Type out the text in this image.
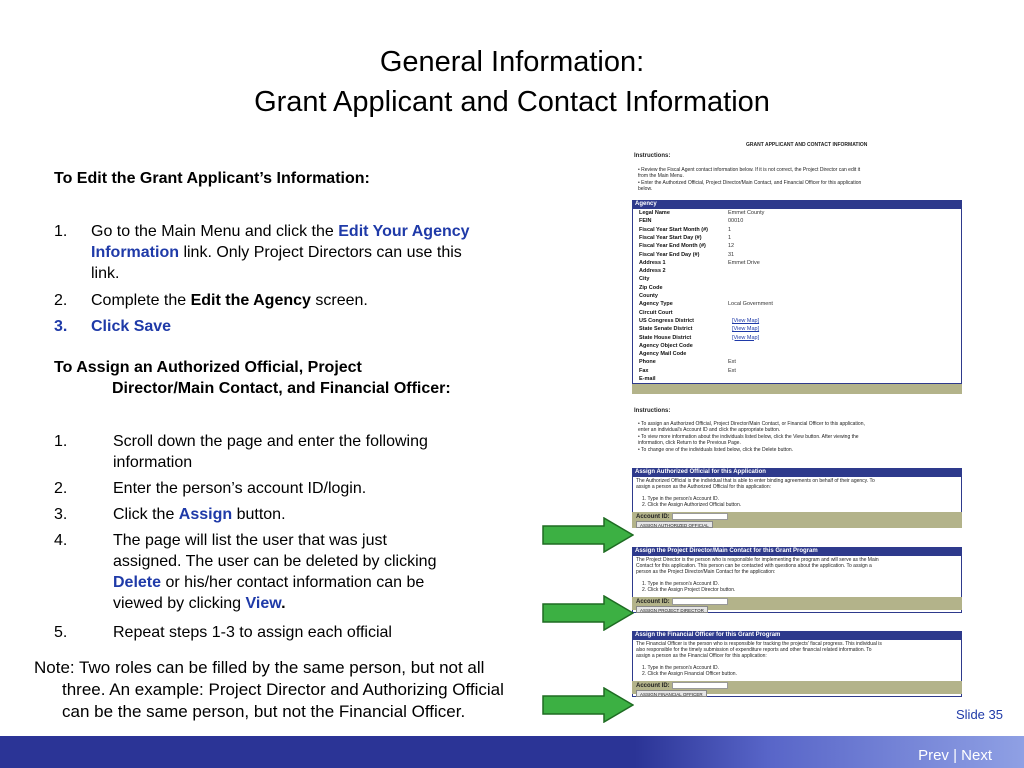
General Information:
Grant Applicant and Contact Information
To Edit the Grant Applicant’s Information:
1. Go to the Main Menu and click the Edit Your Agency
Information link. Only Project Directors can use this
link.
2. Complete the Edit the Agency screen.
3. Click Save
To Assign an Authorized Official, Project
Director/Main Contact, and Financial Officer:
1.	Scroll down the page and enter the following
information
2.	Enter the person’s account ID/login.
3.	Click the Assign button.
4.	The page will list the user that was just
assigned. The user can be deleted by clicking
Delete or his/her contact information can be
viewed by clicking View.
5.	Repeat steps 1-3 to assign each official
Note: Two roles can be filled by the same person, but not all
three. An example: Project Director and Authorizing Official
can be the same person, but not the Financial Officer.
GRANT APPLICANT AND CONTACT INFORMATION
Instructions:
• Review the Fiscal Agent contact information below. If it is not correct, the Project Director can edit it
from the Main Menu.
• Enter the Authorized Official, Project Director/Main Contact, and Financial Officer for this application
below.
Agency
Legal Name	Emmet County
FEIN	00010
Fiscal Year Start Month (#)	1
Fiscal Year Start Day (#)	1
Fiscal Year End Month (#)	12
Fiscal Year End Day (#)	31
Address 1	Emmet Drive
Address 2
City
Zip Code
County
Agency Type	Local Government
Circuit Court
US Congress District	[View Map]
State Senate District	[View Map]
State House District	[View Map]
Agency Object Code
Agency Mail Code
Phone	Ext
Fax	Ext
E-mail
Instructions:
• To assign an Authorized Official, Project Director/Main Contact, or Financial Officer to this application,
enter an individual's Account ID and click the appropriate button.
• To view more information about the individuals listed below, click the View button. After viewing the
information, click Return to the Previous Page.
• To change one of the individuals listed below, click the Delete button.
Assign Authorized Official for this Application
The Authorized Official is the individual that is able to enter binding agreements on behalf of their agency. To
assign a person as the Authorized Official for this application:
1. Type in the person's Account ID.
2. Click the Assign Authorized Official button.
Account ID:
ASSIGN AUTHORIZED OFFICIAL
Assign the Project Director/Main Contact for this Grant Program
The Project Director is the person who is responsible for implementing the program and will serve as the Main
Contact for this application. This person can be contacted with questions about the application. To assign a
person as the Project Director/Main Contact for the application:
1. Type in the person's Account ID.
2. Click the Assign Project Director button.
Account ID:
ASSIGN PROJECT DIRECTOR
Assign the Financial Officer for this Grant Program
The Financial Officer is the person who is responsible for tracking the projects' fiscal progress. This individual is
also responsible for the timely submission of expenditure reports and other financial related information. To
assign a person as the Financial Officer for this application:
1. Type in the person's Account ID.
2. Click the Assign Financial Officer button.
Account ID:
ASSIGN FINANCIAL OFFICER
Slide 35
Prev | Next
